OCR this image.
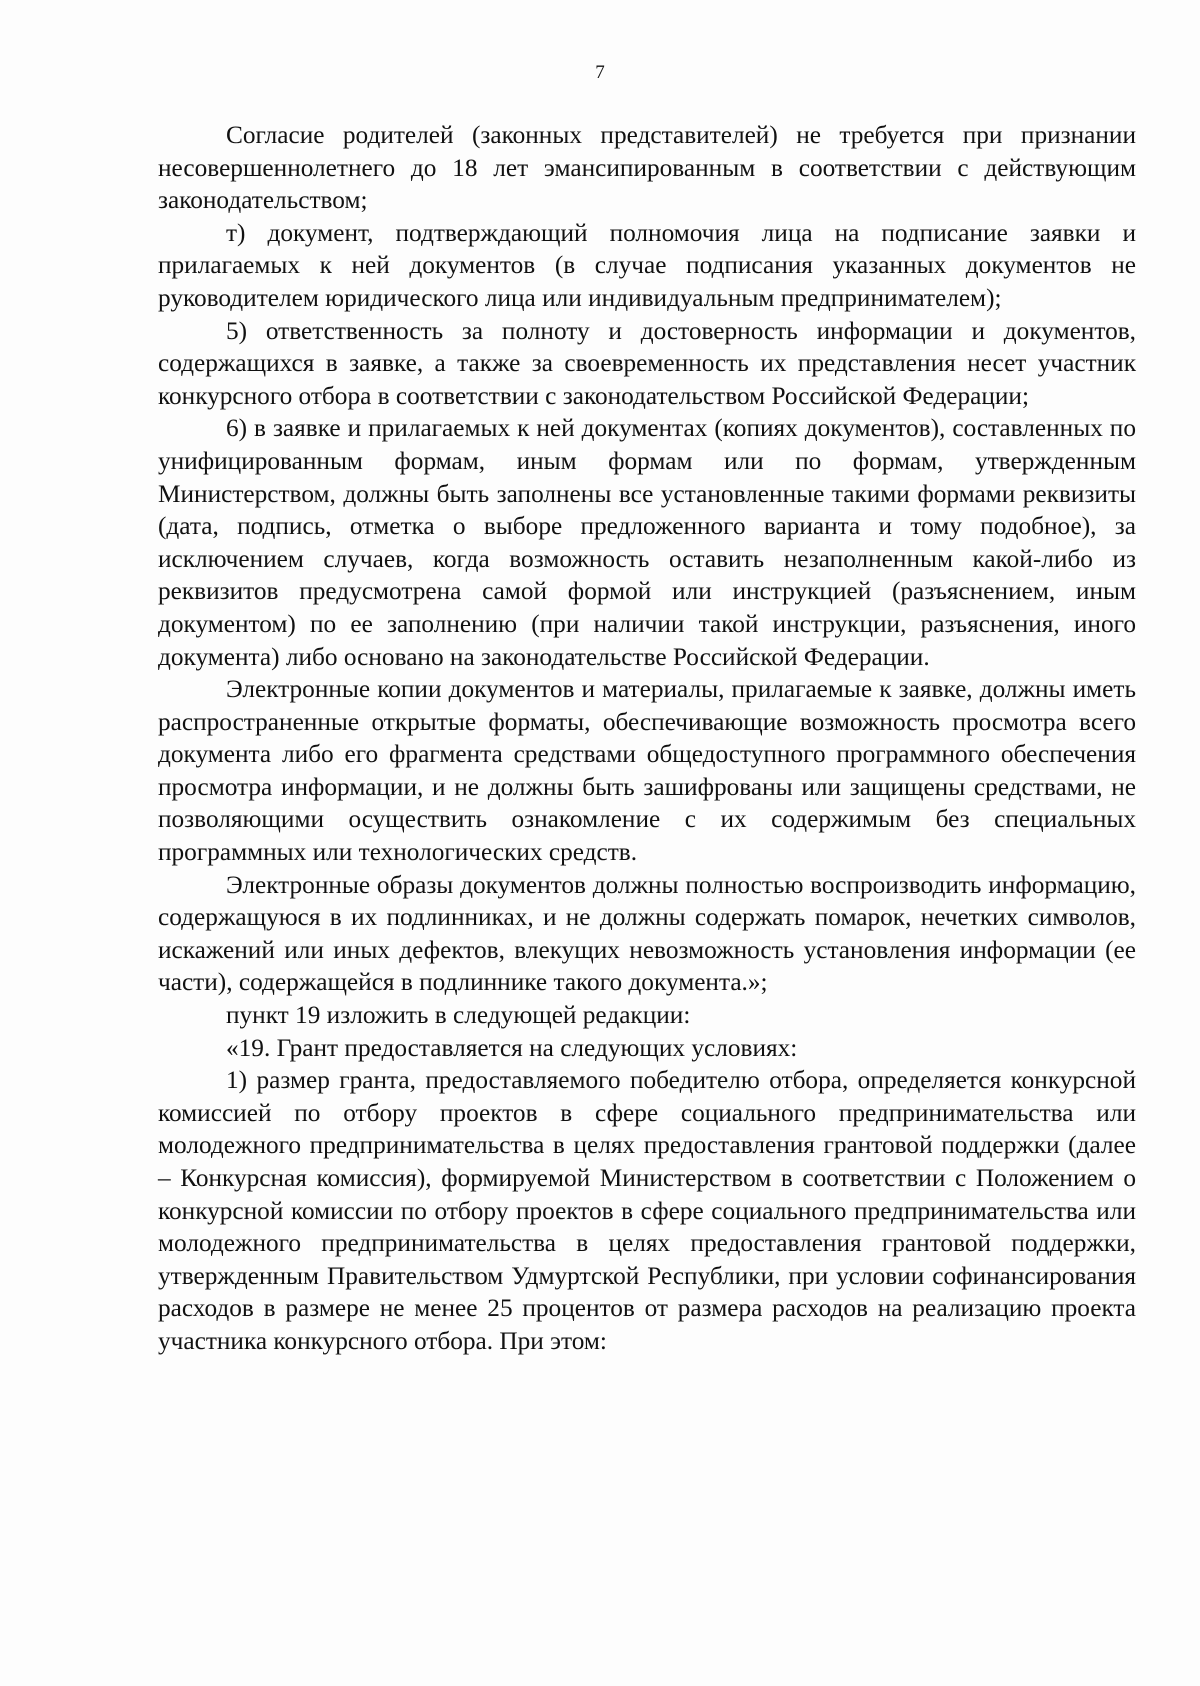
7

Согласие родителей (законных представителей) не требуется при признании несовершеннолетнего до 18 лет эмансипированным в соответствии с действующим законодательством;

т) документ, подтверждающий полномочия лица на подписание заявки и прилагаемых к ней документов (в случае подписания указанных документов не руководителем юридического лица или индивидуальным предпринимателем);

5) ответственность за полноту и достоверность информации и документов, содержащихся в заявке, а также за своевременность их представления несет участник конкурсного отбора в соответствии с законодательством Российской Федерации;

6) в заявке и прилагаемых к ней документах (копиях документов), составленных по унифицированным формам, иным формам или по формам, утвержденным Министерством, должны быть заполнены все установленные такими формами реквизиты (дата, подпись, отметка о выборе предложенного варианта и тому подобное), за исключением случаев, когда возможность оставить незаполненным какой-либо из реквизитов предусмотрена самой формой или инструкцией (разъяснением, иным документом) по ее заполнению (при наличии такой инструкции, разъяснения, иного документа) либо основано на законодательстве Российской Федерации.

Электронные копии документов и материалы, прилагаемые к заявке, должны иметь распространенные открытые форматы, обеспечивающие возможность просмотра всего документа либо его фрагмента средствами общедоступного программного обеспечения просмотра информации, и не должны быть зашифрованы или защищены средствами, не позволяющими осуществить ознакомление с их содержимым без специальных программных или технологических средств.

Электронные образы документов должны полностью воспроизводить информацию, содержащуюся в их подлинниках, и не должны содержать помарок, нечетких символов, искажений или иных дефектов, влекущих невозможность установления информации (ее части), содержащейся в подлиннике такого документа.»;

пункт 19 изложить в следующей редакции:

«19. Грант предоставляется на следующих условиях:

1) размер гранта, предоставляемого победителю отбора, определяется конкурсной комиссией по отбору проектов в сфере социального предпринимательства или молодежного предпринимательства в целях предоставления грантовой поддержки (далее – Конкурсная комиссия), формируемой Министерством в соответствии с Положением о конкурсной комиссии по отбору проектов в сфере социального предпринимательства или молодежного предпринимательства в целях предоставления грантовой поддержки, утвержденным Правительством Удмуртской Республики, при условии софинансирования расходов в размере не менее 25 процентов от размера расходов на реализацию проекта участника конкурсного отбора. При этом:
